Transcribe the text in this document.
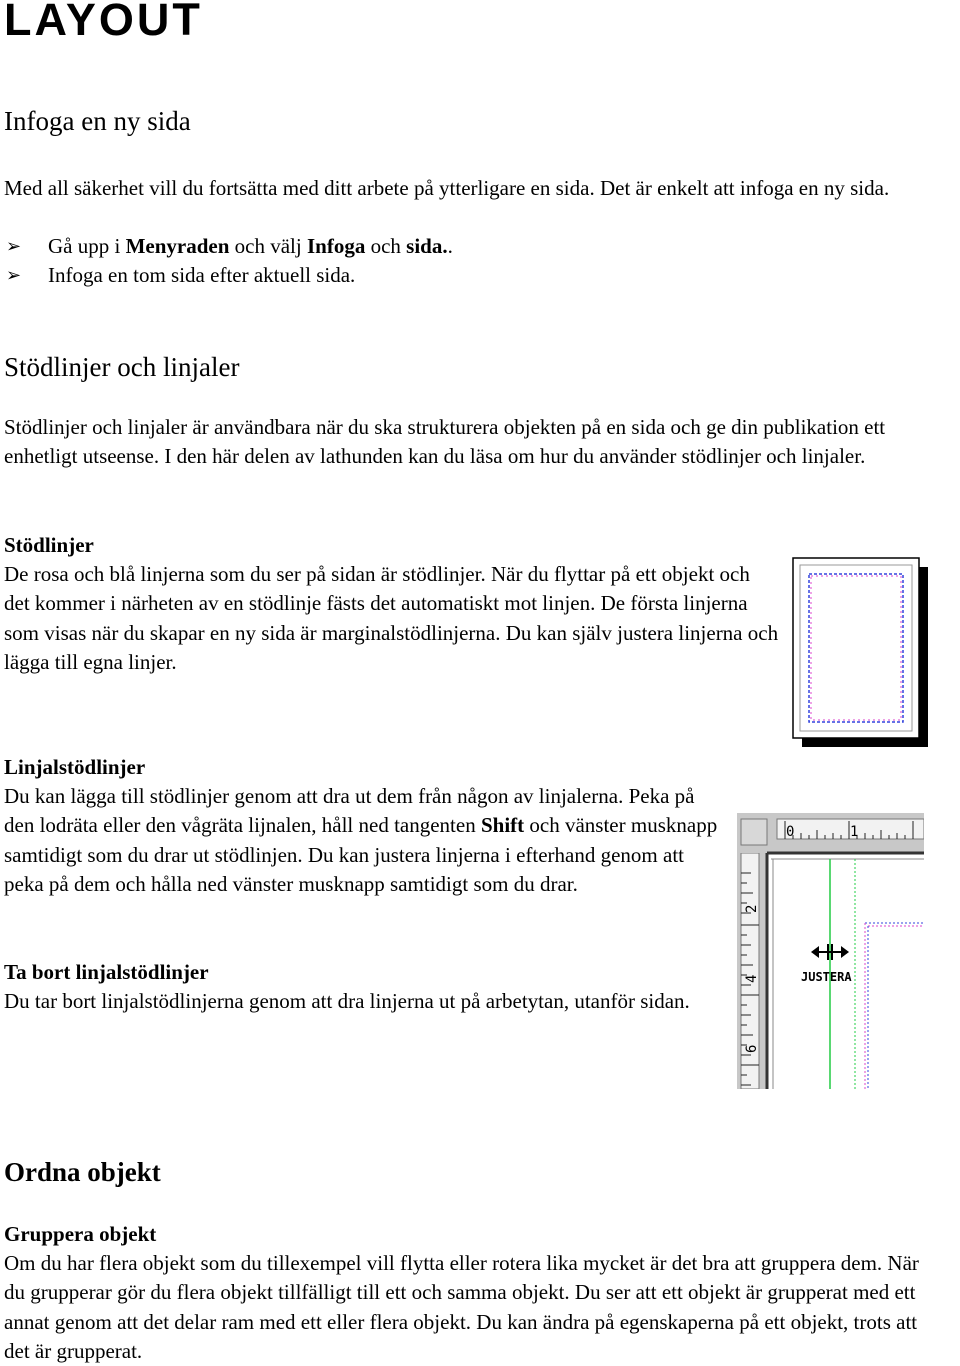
LAYOUT
Infoga en ny sida

Med all säkerhet vill du fortsätta med ditt arbete på ytterligare en sida. Det är enkelt att infoga en ny sida.

➢ Gå upp i Menyraden och välj Infoga och sida..
➢ Infoga en tom sida efter aktuell sida.
Stödlinjer och linjaler

Stödlinjer och linjaler är användbara när du ska strukturera objekten på en sida och ge din publikation ett enhetligt utseense. I den här delen av lathunden kan du läsa om hur du använder stödlinjer och linjaler.

Stödlinjer

De rosa och blå linjerna som du ser på sidan är stödlinjer. När du flyttar på ett objekt och det kommer i närheten av en stödlinje fästs det automatiskt mot linjen. De första linjerna som visas när du skapar en ny sida är marginalstödlinjerna. Du kan själv justera linjerna och lägga till egna linjer.

Linjalstödlinjer

Du kan lägga till stödlinjer genom att dra ut dem från någon av linjalerna. Peka på den lodräta eller den vågräta lijnalen, håll ned tangenten Shift och vänster musknapp samtidigt som du drar ut stödlinjen. Du kan justera linjerna i efterhand genom att peka på dem och hålla ned vänster musknapp samtidigt som du drar.

Ta bort linjalstödlinjer

Du tar bort linjalstödlinjerna genom att dra linjerna ut på arbetytan, utanför sidan.

0	1
2
4
6
JUSTERA
Ordna objekt
Gruppera objekt

Om du har flera objekt som du tillexempel vill flytta eller rotera lika mycket är det bra att gruppera dem. När du grupperar gör du flera objekt tillfälligt till ett och samma objekt. Du ser att ett objekt är grupperat med ett annat genom att det delar ram med ett eller flera objekt. Du kan ändra på egenskaperna på ett objekt, trots att det är grupperat.
